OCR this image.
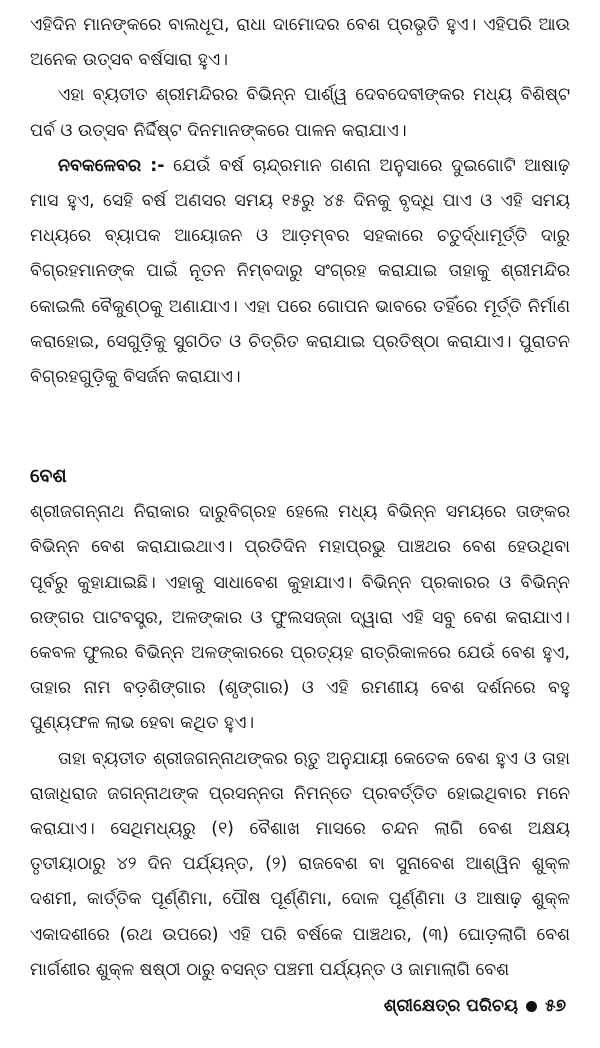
ଏହିଦିନ ମାନଙ୍କରେ ବାଲଧୂପ, ରାଧା ଦାମୋଦର ବେଶ ପ୍ରଭୃତି ହୁଏ। ଏହିପରି ଆଉ ଅନେକ ଉତ୍ସବ ବର୍ଷସାରା ହୁଏ।

ଏହା ବ୍ୟତୀତ ଶ୍ରୀମନ୍ଦିରର ବିଭିନ୍ନ ପାର୍ଶ୍ୱ ଦେବଦେବୀଙ୍କର ମଧ୍ୟ ବିଶିଷ୍ଟ ପର୍ବ ଓ ଉତ୍ସବ ନିର୍ଦ୍ଦିଷ୍ଟ ଦିନମାନଙ୍କରେ ପାଳନ କରାଯାଏ।

ନବକଳେବର :- ଯେଉଁ ବର୍ଷ ଚାନ୍ଦ୍ରମାନ ଗଣନା ଅନୁସାରେ ଦୁଇଗୋଟି ଆଷାଢ଼ ମାସ ହୁଏ, ସେହି ବର୍ଷ ଅଣସର ସମୟ ୧୫ରୁ ୪୫ ଦିନକୁ ବୃଦ୍ଧି ପାଏ ଓ ଏହି ସମୟ ମଧ୍ୟରେ ବ୍ୟାପକ ଆୟୋଜନ ଓ ଆଡ଼ମ୍ବର ସହକାରେ ଚତୁର୍ଦ୍ଧାମୂର୍ତ୍ତି ଦାରୁ ବିଗ୍ରହମାନଙ୍କ ପାଇଁ ନୂତନ ନିମ୍ବଦାରୁ ସଂଗ୍ରହ କରାଯାଇ ତାହାକୁ ଶ୍ରୀମନ୍ଦିର କୋଇଲି ବୈକୁଣ୍ଠକୁ ଅଣାଯାଏ। ଏହା ପରେ ଗୋପନ ଭାବରେ ତହିଁରେ ମୂର୍ତ୍ତି ନିର୍ମାଣ କରାହୋଇ, ସେଗୁଡ଼ିକୁ ସୁଗଠିତ ଓ ଚିତ୍ରିତ କରାଯାଇ ପ୍ରତିଷ୍ଠା କରାଯାଏ। ପୁରାତନ ବିଗ୍ରହଗୁଡ଼ିକୁ ବିସର୍ଜନ କରାଯାଏ।

ବେଶ

ଶ୍ରୀଜଗନ୍ନାଥ ନିରାକାର ଦାରୁବିଗ୍ରହ ହେଲେ ମଧ୍ୟ ବିଭିନ୍ନ ସମୟରେ ତାଙ୍କର ବିଭିନ୍ନ ବେଶ କରାଯାଇଥାଏ। ପ୍ରତିଦିନ ମହାପ୍ରଭୁ ପାଞ୍ଚଥର ବେଶ ହେଉଥିବା ପୂର୍ବରୁ କୁହାଯାଇଛି। ଏହାକୁ ସାଧାବେଶ କୁହାଯାଏ। ବିଭିନ୍ନ ପ୍ରକାରର ଓ ବିଭିନ୍ନ ରଙ୍ଗର ପାଟବସ୍ତ୍ର, ଅଳଙ୍କାର ଓ ଫୁଲସଜ୍ଜା ଦ୍ୱାରା ଏହି ସବୁ ବେଶ କରାଯାଏ। କେବଳ ଫୁଲର ବିଭିନ୍ନ ଅଳଙ୍କାରରେ ପ୍ରତ୍ୟହ ରାତ୍ରିକାଳରେ ଯେଉଁ ବେଶ ହୁଏ, ତାହାର ନାମ ବଡ଼ଶିଙ୍ଗାର (ଶୃଙ୍ଗାର) ଓ ଏହି ରମଣୀୟ ବେଶ ଦର୍ଶନରେ ବହୁ ପୁଣ୍ୟଫଳ ଲାଭ ହେବା କଥିତ ହୁଏ।

ତାହା ବ୍ୟତୀତ ଶ୍ରୀଜଗନ୍ନାଥଙ୍କର ଋତୁ ଅନୁଯାୟୀ କେତେକ ବେଶ ହୁଏ ଓ ତାହା ରାଜାଧିରାଜ ଜଗନ୍ନାଥଙ୍କ ପ୍ରସନ୍ନତା ନିମନ୍ତେ ପ୍ରବର୍ତ୍ତିତ ହୋଇଥିବାର ମନେ କରାଯାଏ। ସେଥିମଧ୍ୟରୁ (୧) ବୈଶାଖ ମାସରେ ଚନ୍ଦନ ଲାଗି ବେଶ ଅକ୍ଷୟ ତୃତୀୟାଠାରୁ ୪୨ ଦିନ ପର୍ଯ୍ୟନ୍ତ, (୨) ରାଜବେଶ ବା ସୁନାବେଶ ଆଶ୍ୱିନ ଶୁକ୍ଳ ଦଶମୀ, କାର୍ତ୍ତିକ ପୂର୍ଣ୍ଣିମା, ପୌଷ ପୂର୍ଣ୍ଣିମା, ଦୋଳ ପୂର୍ଣ୍ଣିମା ଓ ଆଷାଢ଼ ଶୁକ୍ଳ ଏକାଦଶୀରେ (ରଥ ଉପରେ) ଏହି ପରି ବର୍ଷକେ ପାଞ୍ଚଥର, (୩) ଘୋଡ଼ଲାଗି ବେଶ ମାର୍ଗଶୀର ଶୁକ୍ଳ ଷଷ୍ଠୀ ଠାରୁ ବସନ୍ତ ପଞ୍ଚମୀ ପର୍ଯ୍ୟନ୍ତ ଓ ଜାମାଲାଗି ବେଶ

ଶ୍ରୀକ୍ଷେତ୍ର ପରିଚୟ ୫୭
